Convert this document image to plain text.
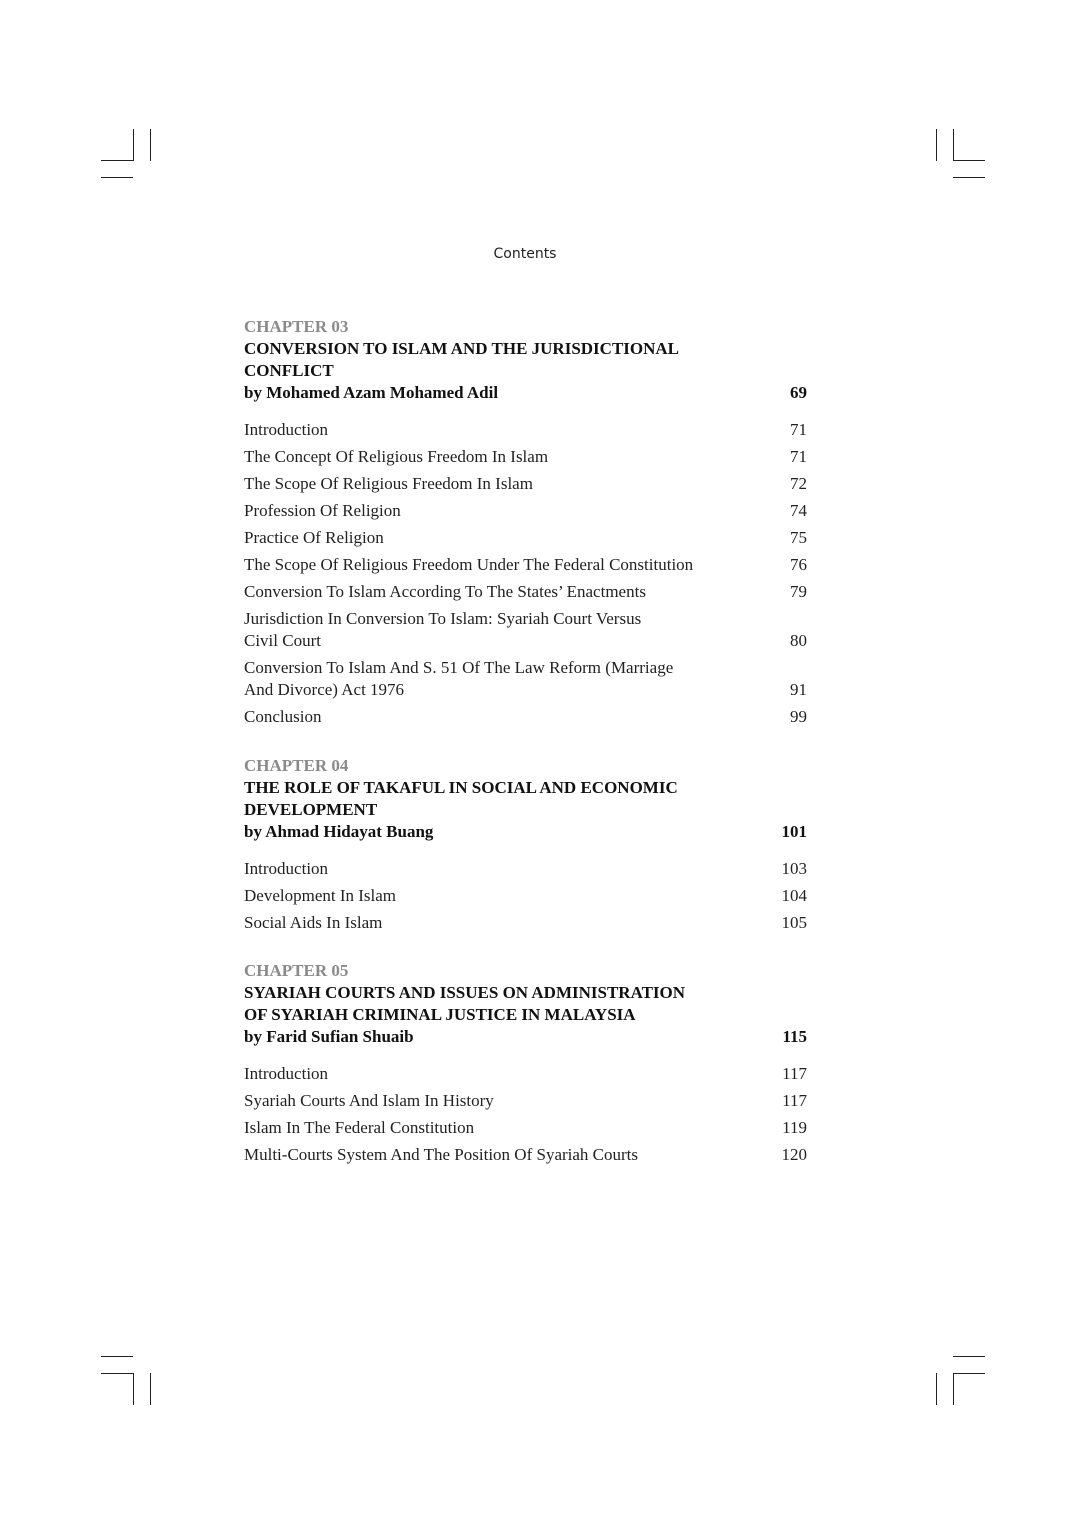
Contents
CHAPTER 03
CONVERSION TO ISLAM AND THE JURISDICTIONAL
CONFLICT
by Mohamed Azam Mohamed Adil	69
Introduction	71
The Concept Of Religious Freedom In Islam	71
The Scope Of Religious Freedom In Islam	72
Profession Of Religion	74
Practice Of Religion	75
The Scope Of Religious Freedom Under The Federal Constitution	76
Conversion To Islam According To The States’ Enactments	79
Jurisdiction In Conversion To Islam: Syariah Court Versus
Civil Court	80
Conversion To Islam And S. 51 Of The Law Reform (Marriage
And Divorce) Act 1976	91
Conclusion	99
CHAPTER 04
THE ROLE OF TAKAFUL IN SOCIAL AND ECONOMIC
DEVELOPMENT
by Ahmad Hidayat Buang	101
Introduction	103
Development In Islam	104
Social Aids In Islam	105
CHAPTER 05
SYARIAH COURTS AND ISSUES ON ADMINISTRATION
OF SYARIAH CRIMINAL JUSTICE IN MALAYSIA
by Farid Sufian Shuaib	115
Introduction	117
Syariah Courts And Islam In History	117
Islam In The Federal Constitution	119
Multi-Courts System And The Position Of Syariah Courts	120
